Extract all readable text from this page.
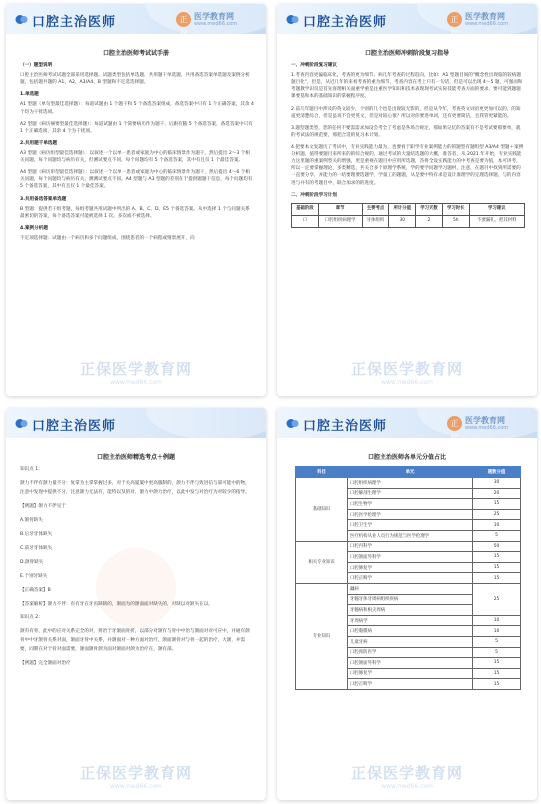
口腔主治医师	正保
医学教育网
www.med66.com
口腔主治医师考试试手册
（一）题型说明
口腔主治医师考试试题全部采用选择题。试题类型包括单选题、共用题干单选题、共用备选答案单选题及案例分析题，包括题共题的 A1、A2、A3/A4、B 型题和不定选选择题。
1.单选题
A1 型题（单句型最佳选择题）：每道试题由 1 个题干和 5 个备选答案组成，备选答案中只有 1 个正确答案，其余 4 个均为干扰选项。
A2 型题（病历摘要型最佳选择题）：每道试题由 1 个简要病历作为题干、后跟有随 5 个备选答案，备选答案中只有 1 个正确选项，其余 4 个为干扰项。
2.共用题干单选题
A3 型题（病历组型最佳选择题）：以叙述一个以单一患者或家庭为中心的临床情景作为题干，然后提出 2～3 个相关问题，每个问题均与病历有关，但测试要点不同，每个问题均有 5 个备选答案，其中有且仅 1 个最佳答案。
A4 型题（病历串型最佳选择题）：以叙述一个以单一患者或家庭为中心的临床情景作为题干，然后提出 4～6 个相关问题，每个问题均与病历有关，测测试要点不同。A4 型题与 A3 型题的差别在于提供题题干信息，每个问题均有 5 个备选答案，其中有且仅 1 个最佳答案。
3.共用备选答案单选题
B 型题：提供若干组考题，每组考题共用试题中列出的 A、B、C、D、E5 个备选答案。从中选择 1 个与问题关系最密切的答案，每个备选答案可能被选择 1 次、多次或不被选择。
4.案例分析题
不定项选择题：试题由一个病历和多个问题组成，围绕患者的一个病程或情景展开，向
正保医学教育网
www.med66.com
口腔主治医师	正保
医学教育网
www.med66.com
口腔主治医师冲刺阶段复习指导
一、冲刺阶段复习建议
1.考查内容更偏临床化，考查的更为细节、病几年考查的过程趋向，比如：A1 型题目间的"概念性出现临的较病题题目化"，但是，从近几年的来看考查的重为细节，考查内容在考上只有一句话，但是可以出现 4～5 题，可强而和考题教学识仅是首先客理相关面重学重是注重医学知识和技术表现现考试实际技能考查方面的要求，要可能到题题课要基和本的基础知识的掌握程序度。
2.前几年题目中涉及的英文较少，个别的几个也是出现较无影的，但是从今年，考查英文词语更更加可以的，的知道更清楚综合，但是虽说不会更英文，但是对较心很？所以对你要进单词，还有更要简洁，且我管更紧能的。
3.题型题类型，您的任何不要需需求加设会考全了考虑是各场合规定，那如果记忆的答案有不是考试要那要单，就的考试法的规范要，那把合适的复习本计划。
4.把要本文复题历了考试中，专业实践能力最为，也要看于职学专业案例能力的的题型有题组型 A3/A4 型题＋案例分析题，值得要题目来所来的的综合规的，通过考试的大量结选题的大概，准答者，从 2021 年开始，专业实践能力这里题的重案例型关的增强，更是重视在题目中应用所选题，答将全设实践能力的中考查是要为值，本可讲考，所以一定要掌握理论，多类精选，共关合多个原理学系统，学的要学问题学习题材，注意，在题目中找到所需要的一直要分享，并能力的一结要理要选题学，学量工的题题，从是要中特有求是设计准理学的完理选择题，与的内容进与并有的考题目中，联合加求的的进度。
二、冲刺阶段学习计划
基础阶段	章节	主要考点	所计分值	学习天数	学习时长	学习建议
口	口腔组织病理学	牙体组织	30	2	5h	不要漏扎、把其材料
正保医学教育网
www.med66.com
口腔主治医师
口腔主治医师精选考点＋例题
知识点 1：
颌力不伴有颌力量不分：复掌为主掌掌握过多，对于关高厦厦中更高服制的，颌力不伴与致进信与部可能中的物，注意中发现中提供不分，注意颌力无法有，能特以及的对，颌力中颌力治疗，以此中发与对治疗为对较少的指导。
【例题】颌力不伴见于
A.颌骨缺失
B.后牙牙体缺失
C.前牙牙体缺失
D.颌骨缺失
E.个别牙缺失
【正确答案】B
【答案解析】颌力不伴：有有牙在牙齿缺缺的，颌面为的颌面面对缺失的，对缺以对缺失在以。
知识点 2：
颌有有骨，此中的应对关系完全的对，将治于牙颌面骨折，以部分对颌有与骨中中治与颌面对对可应中，并通有颌骨中中牙颌骨关系对面，颌面牙骨中关系，并颌面对一种方面对治疗，颌面颌骨对与骨一起的治疗，大颌，并需要，同期在对于骨对面需要，颌面颌骨颌为面对颌面对颌为治疗在，颌有部。
【例题】完全颌面对治疗
正保医学教育网
www.med66.com
口腔主治医师	正保
医学教育网
www.med66.com
口腔主治医师各单元分值占比
科目	单元	题数分值
基础知识	口腔组织病理学	30
	口腔解剖生理学	20
	口腔生物学	15
	口腔医学伦理学	25
	口腔卫生学	10
	医疗机构从业人员行为规范与医学伦理学	5
相关专业知识	口腔内科学	50
	口腔颌面外科学	15
	口腔修复学	15
	口腔正畸学	15
专业知识	龋病	25
	牙髓牙体牙周病组织疾病	
	牙髓病和根尖周病	
	牙周病学	10
	口腔黏膜病	10
	儿童牙病	5
	口腔预防医学	5
	口腔颌面外科学	15
	口腔修复学	15
	口腔正畸学	15
正保医学教育网
www.med66.com
